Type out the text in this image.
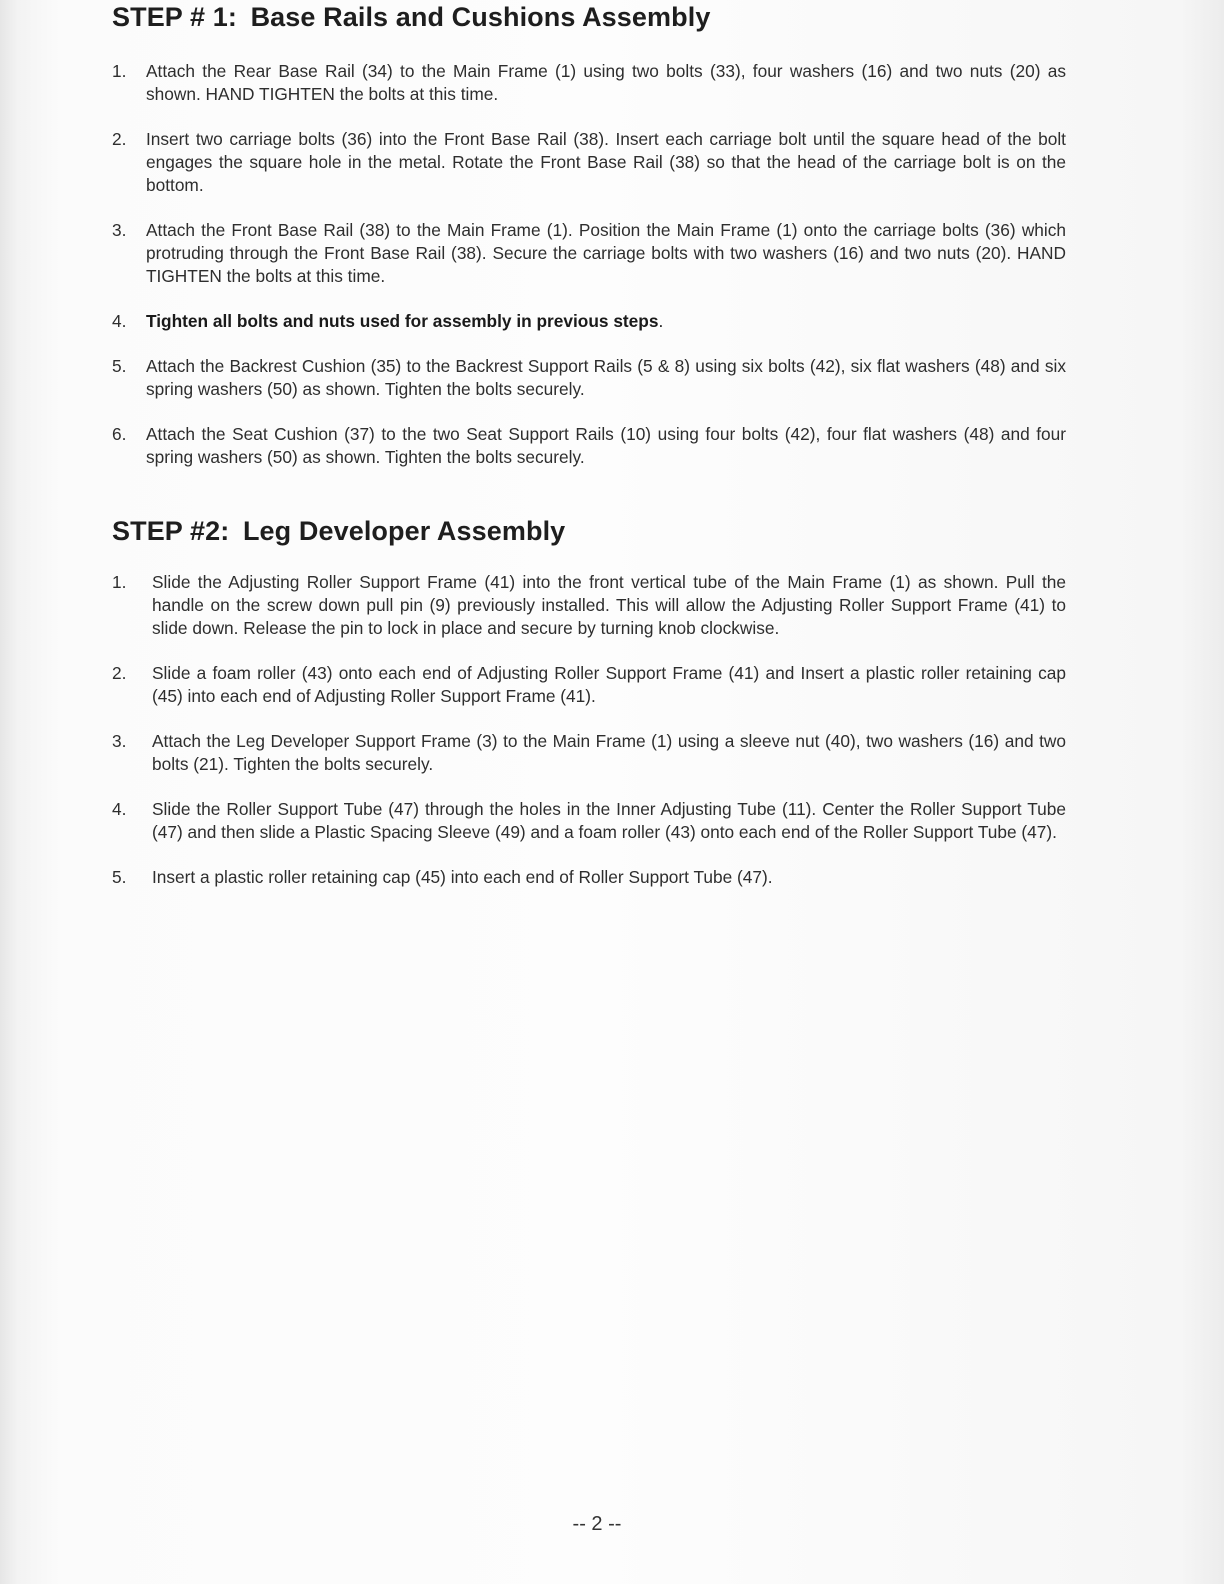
STEP # 1: Base Rails and Cushions Assembly
1. Attach the Rear Base Rail (34) to the Main Frame (1) using two bolts (33), four washers (16) and two nuts (20) as shown. HAND TIGHTEN the bolts at this time.
2. Insert two carriage bolts (36) into the Front Base Rail (38). Insert each carriage bolt until the square head of the bolt engages the square hole in the metal. Rotate the Front Base Rail (38) so that the head of the carriage bolt is on the bottom.
3. Attach the Front Base Rail (38) to the Main Frame (1). Position the Main Frame (1) onto the carriage bolts (36) which protruding through the Front Base Rail (38). Secure the carriage bolts with two washers (16) and two nuts (20). HAND TIGHTEN the bolts at this time.
4. Tighten all bolts and nuts used for assembly in previous steps.
5. Attach the Backrest Cushion (35) to the Backrest Support Rails (5 & 8) using six bolts (42), six flat washers (48) and six spring washers (50) as shown. Tighten the bolts securely.
6. Attach the Seat Cushion (37) to the two Seat Support Rails (10) using four bolts (42), four flat washers (48) and four spring washers (50) as shown. Tighten the bolts securely.
STEP #2: Leg Developer Assembly
1. Slide the Adjusting Roller Support Frame (41) into the front vertical tube of the Main Frame (1) as shown. Pull the handle on the screw down pull pin (9) previously installed. This will allow the Adjusting Roller Support Frame (41) to slide down. Release the pin to lock in place and secure by turning knob clockwise.
2. Slide a foam roller (43) onto each end of Adjusting Roller Support Frame (41) and Insert a plastic roller retaining cap (45) into each end of Adjusting Roller Support Frame (41).
3. Attach the Leg Developer Support Frame (3) to the Main Frame (1) using a sleeve nut (40), two washers (16) and two bolts (21). Tighten the bolts securely.
4. Slide the Roller Support Tube (47) through the holes in the Inner Adjusting Tube (11). Center the Roller Support Tube (47) and then slide a Plastic Spacing Sleeve (49) and a foam roller (43) onto each end of the Roller Support Tube (47).
5. Insert a plastic roller retaining cap (45) into each end of Roller Support Tube (47).
-- 2 --
